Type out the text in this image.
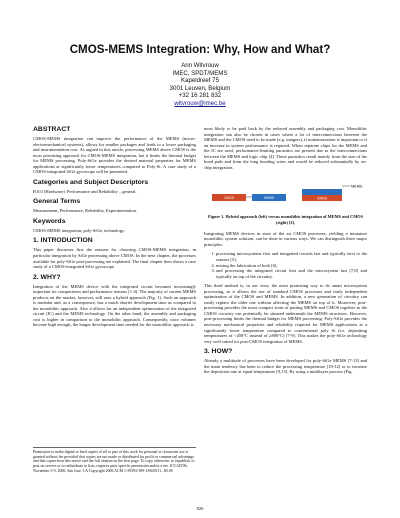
CMOS-MEMS Integration: Why, How and What?
Ann Witvrouw
IMEC, SPDT/MEMS
Kapeldreef 75
3001 Leuven, Belgium
+32 16 281 832
witvrouw@imec.be
ABSTRACT
CMOS-MEMS integration can improve the performance of the MEMS (micro-electromechanical systems), allows for smaller packages and leads to a lower packaging and instrumentation cost. As argued in this article, processing MEMS above CMOS is the most promising approach for CMOS-MEMS integration, but it limits the thermal budget for MEMS processing. Poly-SiGe provides the desired material properties for MEMS applications at significantly lower temperatures compared to Poly-Si. A case study of a CMOS-integrated SiGe gyroscope will be presented.
Categories and Subject Descriptors
B.8.0 [Hardware]: Performance and Reliability – general.
General Terms
Measurement, Performance, Reliability, Experimentation.
Keywords
CMOS-MEMS integration, poly-SiGe, technology.
1. INTRODUCTION
This paper discusses first the reasons for choosing CMOS-MEMS integration, in particular integration by SiGe processing above CMOS. In the next chapter, the processes available for poly-SiGe post-processing are explained. The final chapter then shows a case study of a CMOS-integrated SiGe gyroscope.
2. WHY?
Integration of the MEMS device with the integrated circuit becomes increasingly important for compactness and performance reasons [1-4]. The majority of current MEMS products on the market, however, still uses a hybrid approach (Fig. 1). Such an approach is modular and, as a consequence, has a much shorter development time as compared to the monolithic approach. Also it allows for an independent optimization of the integrated circuit (IC) and the MEMS technology. On the other hand, the assembly and packaging cost is higher in comparison to the monolithic approach. Consequently, once volumes become high enough, the longer development time needed for the monolithic approach is
most likely to be paid back by the reduced assembly and packaging cost. Monolithic integration can also be chosen in cases where a lot of interconnections between the MEMS and the CMOS need to be made (e.g. imagers), if miniaturization is important or if an increase in system performance is required. When separate chips for the MEMS and the IC are used, performance-limiting parasitics are present due to the interconnections between the MEMS and logic chip [4]. These parasitics result mainly from the size of the bond pads and from the long bonding wires and would be reduced substantially by on-chip integration.
MEMS
CMOS	MEMS	CMOS
Figure 1. Hybrid approach (left) versus monolithic integration of MEMS and CMOS (right) [2].
Integrating MEMS devices in state of the art CMOS processes, yielding a miniature monolithic system solution, can be done in various ways. We can distinguish three major principles:
1. processing microsystems first and integrated circuits last and typically next to the sensors [5],
2. mixing the fabrication of both [6],
3. and processing the integrated circuit first and the microsystem last [7,8] and typically on top of the circuitry.
This third method is, in our view, the most promising way to do smart microsystem processing, as it allows the use of standard CMOS processes and fairly independent optimization of the CMOS and MEMS. In addition, a new generation of circuitry can easily replace the older one without affecting the MEMS on top of it. Moreover, post-processing provides the most compact form of putting MEMS and CMOS together as the CMOS circuitry can potentially be situated underneath the MEMS structures. However, post-processing limits the thermal budget for MEMS processing. Poly-SiGe provides the necessary mechanical properties and reliability required for MEMS applications at a significantly lower temperature compared to conventional poly Si (i.e. depositing temperatures of <450°C instead of ≥800°C) [7-9]. This makes the poly-SiGe technology very well suited for post-CMOS integration of MEMS.
3. HOW?
Already a multitude of processes have been developed for poly-SiGe MEMS [7-13] and the main tendency has been to reduce the processing temperature [10-12] or to increase the deposition rate at equal temperature [9,13]. By using a multilayer process (Fig.
Permission to make digital or hard copies of all or part of this work for personal or classroom use is granted without fee provided that copies are not made or distributed for profit or commercial advantage and that copies bear this notice and the full citation on the first page. To copy otherwise, to republish, to post on servers or to redistribute to lists, requires prior specific permission and/or a fee. ICCAD'06, November 5-9, 2006, San Jose, CA Copyright 2006 ACM 1-59593-389-1/06/0011...$5.00
826
